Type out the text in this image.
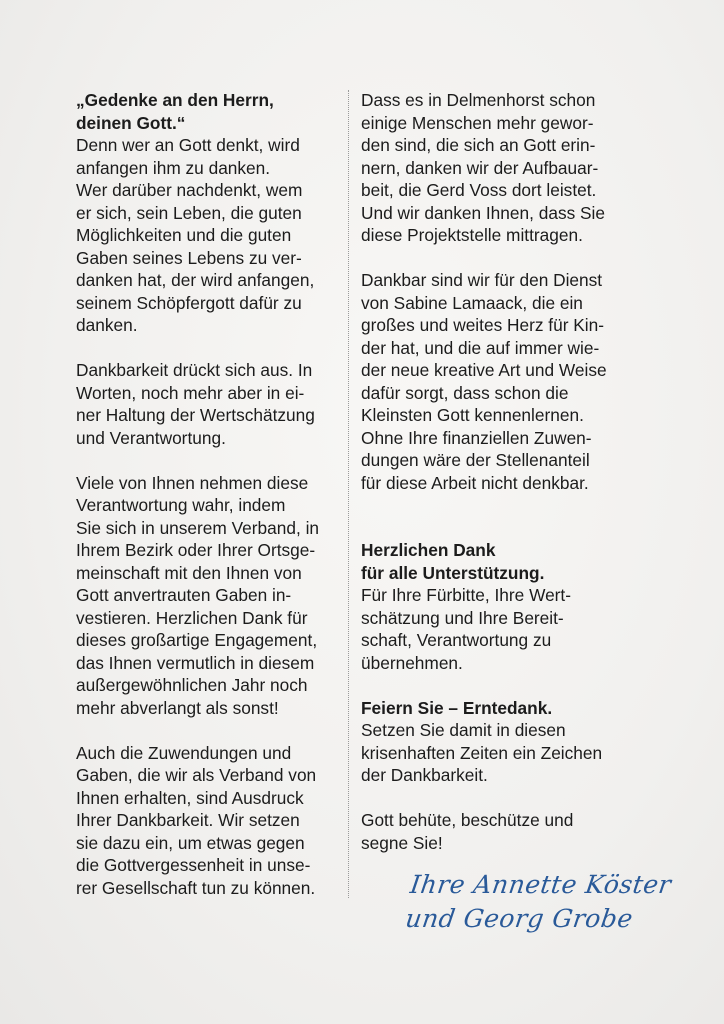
„Gedenke an den Herrn,
deinen Gott.“
Denn wer an Gott denkt, wird
anfangen ihm zu danken.
Wer darüber nachdenkt, wem
er sich, sein Leben, die guten
Möglichkeiten und die guten
Gaben seines Lebens zu ver-
danken hat, der wird anfangen,
seinem Schöpfergott dafür zu
danken.
Dankbarkeit drückt sich aus. In
Worten, noch mehr aber in ei-
ner Haltung der Wertschätzung
und Verantwortung.
Viele von Ihnen nehmen diese
Verantwortung wahr, indem
Sie sich in unserem Verband, in
Ihrem Bezirk oder Ihrer Ortsge-
meinschaft mit den Ihnen von
Gott anvertrauten Gaben in-
vestieren. Herzlichen Dank für
dieses großartige Engagement,
das Ihnen vermutlich in diesem
außergewöhnlichen Jahr noch
mehr abverlangt als sonst!
Auch die Zuwendungen und
Gaben, die wir als Verband von
Ihnen erhalten, sind Ausdruck
Ihrer Dankbarkeit. Wir setzen
sie dazu ein, um etwas gegen
die Gottvergessenheit in unse-
rer Gesellschaft tun zu können.
Dass es in Delmenhorst schon
einige Menschen mehr gewor-
den sind, die sich an Gott erin-
nern, danken wir der Aufbauar-
beit, die Gerd Voss dort leistet.
Und wir danken Ihnen, dass Sie
diese Projektstelle mittragen.
Dankbar sind wir für den Dienst
von Sabine Lamaack, die ein
großes und weites Herz für Kin-
der hat, und die auf immer wie-
der neue kreative Art und Weise
dafür sorgt, dass schon die
Kleinsten Gott kennenlernen.
Ohne Ihre finanziellen Zuwen-
dungen wäre der Stellenanteil
für diese Arbeit nicht denkbar.
Herzlichen Dank
für alle Unterstützung.
Für Ihre Fürbitte, Ihre Wert-
schätzung und Ihre Bereit-
schaft, Verantwortung zu
übernehmen.
Feiern Sie – Erntedank.
Setzen Sie damit in diesen
krisenhaften Zeiten ein Zeichen
der Dankbarkeit.
Gott behüte, beschütze und
segne Sie!
Ihre Annette Köster
und Georg Grobe
